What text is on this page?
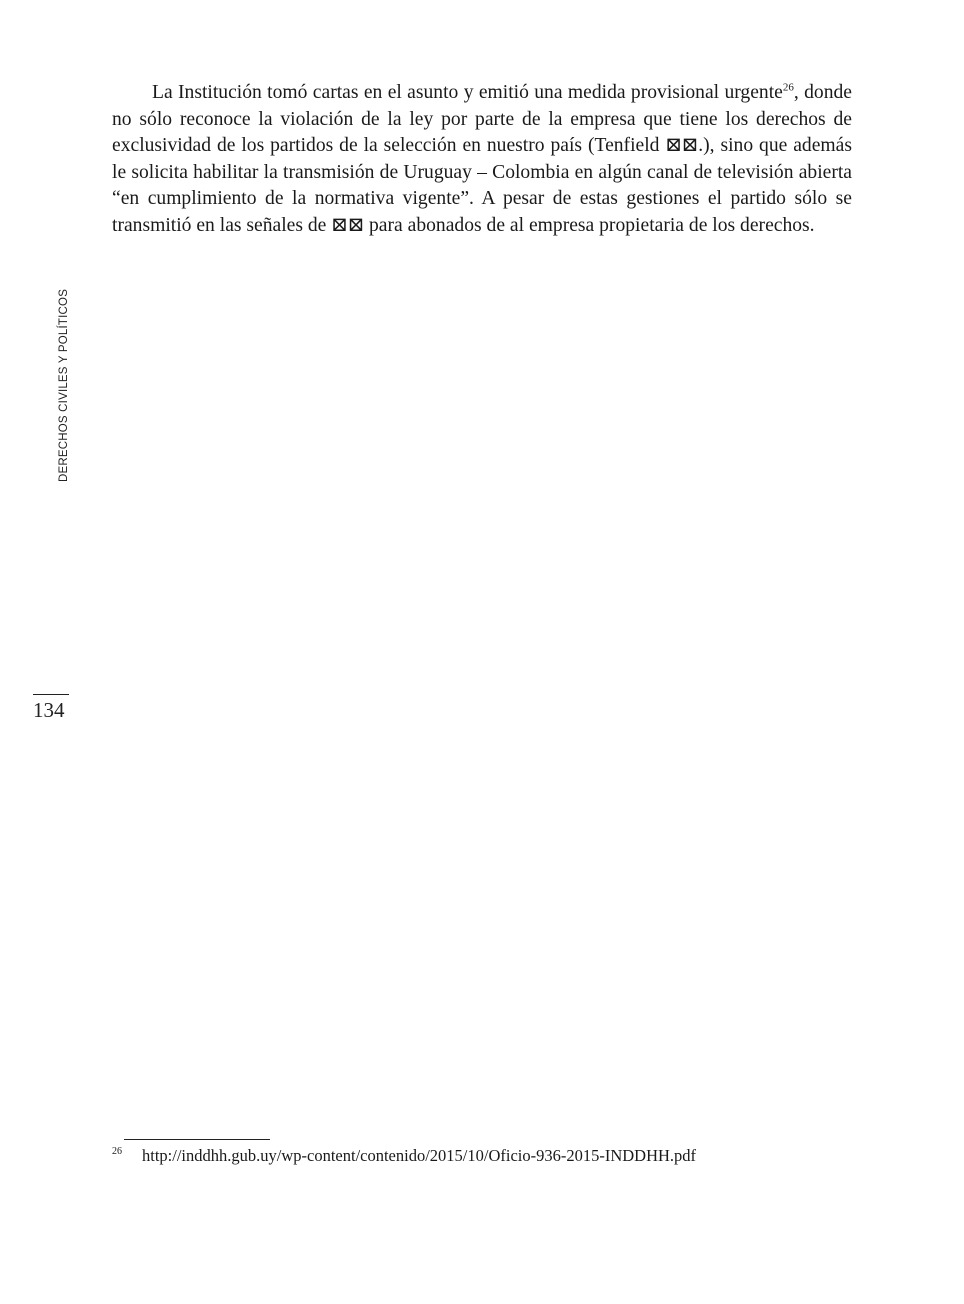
DERECHOS CIVILES Y POLÍTICOS
134

La Institución tomó cartas en el asunto y emitió una medida provisional urgente$^{26}$, donde no sólo reconoce la violación de la ley por parte de la empresa que tiene los derechos de exclusividad de los partidos de la selección en nuestro país (Tenfield ⊠⊠.), sino que además le solicita habilitar la transmisión de Uruguay – Colombia en algún canal de televisión abierta “en cumplimiento de la normativa vigente”. A pesar de estas gestiones el partido sólo se transmitió en las señales de ⊠⊠ para abonados de al empresa propietaria de los derechos.

26 http://inddhh.gub.uy/wp-content/contenido/2015/10/Oficio-936-2015-INDDHH.pdf
